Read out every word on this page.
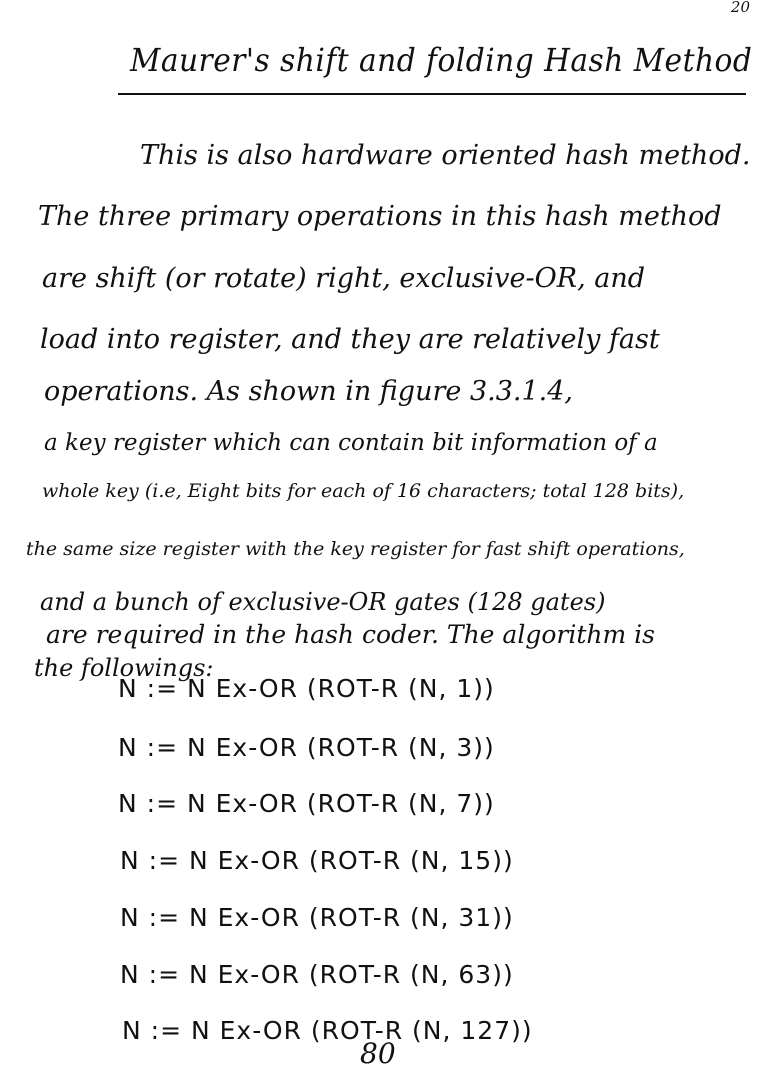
20
Maurer's shift and folding Hash Method
This is also hardware oriented hash method.
The three primary operations in this hash method
are shift (or rotate) right, exclusive-OR, and
load into register, and they are relatively fast
operations. As shown in figure 3.3.1.4,
a key register which can contain bit information of a
whole key (i.e, Eight bits for each of 16 characters; total 128 bits),
the same size register with the key register for fast shift operations,
and a bunch of exclusive-OR gates (128 gates)
are required in the hash coder. The algorithm is
the followings:
N := N Ex-OR (ROT-R (N, 1))
N := N Ex-OR (ROT-R (N, 3))
N := N Ex-OR (ROT-R (N, 7))
N := N Ex-OR (ROT-R (N, 15))
N := N Ex-OR (ROT-R (N, 31))
N := N Ex-OR (ROT-R (N, 63))
N := N Ex-OR (ROT-R (N, 127))
80
